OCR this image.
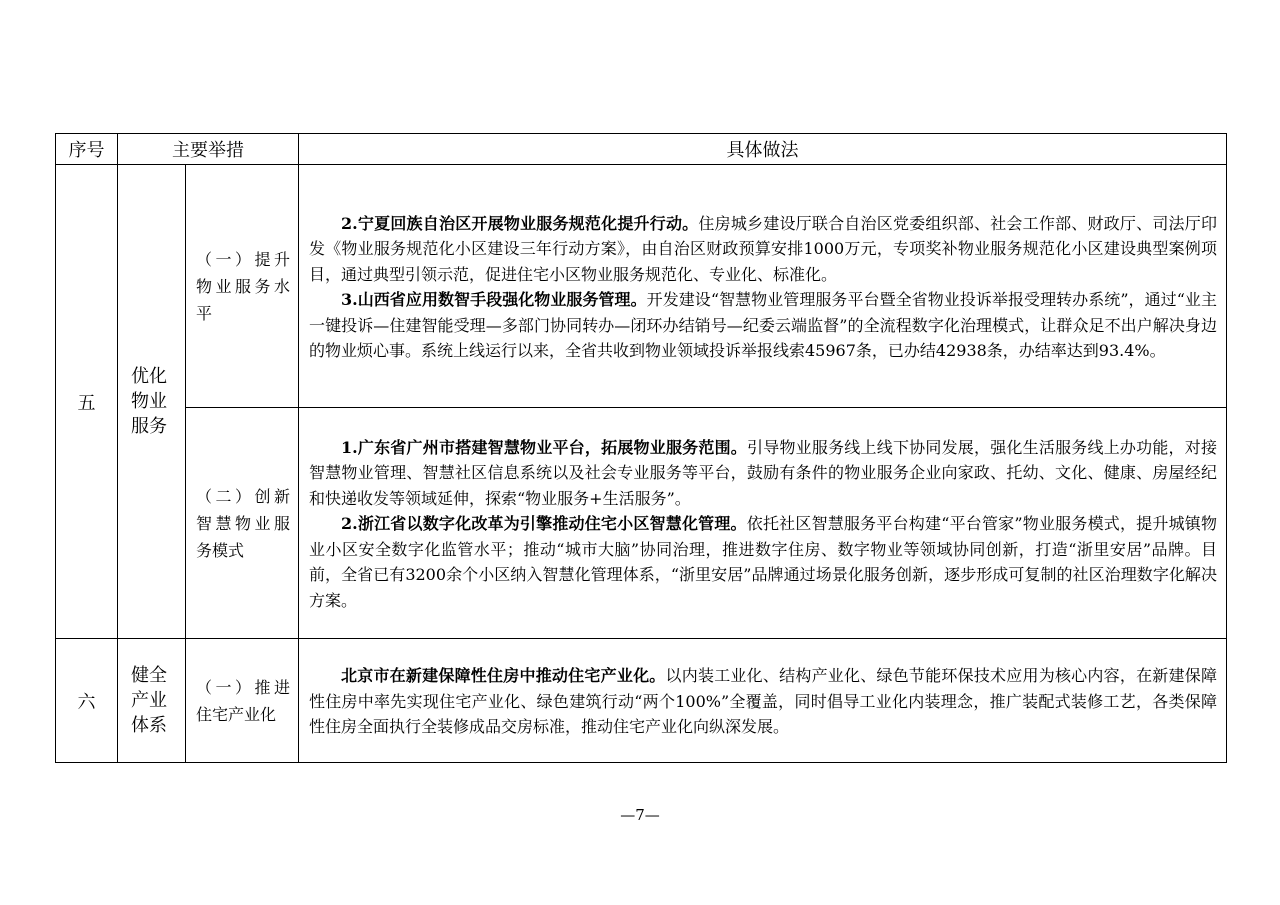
序号	主要举措		具体做法
五	优化物业服务	（一）提升物业服务水平	2.宁夏回族自治区开展物业服务规范化提升行动。住房城乡建设厅联合自治区党委组织部、社会工作部、财政厅、司法厅印发《物业服务规范化小区建设三年行动方案》，由自治区财政预算安排1000万元，专项奖补物业服务规范化小区建设典型案例项目，通过典型引领示范，促进住宅小区物业服务规范化、专业化、标准化。

3.山西省应用数智手段强化物业服务管理。开发建设“智慧物业管理服务平台暨全省物业投诉举报受理转办系统”，通过“业主一键投诉—住建智能受理—多部门协同转办—闭环办结销号—纪委云端监督”的全流程数字化治理模式，让群众足不出户解决身边的物业烦心事。系统上线运行以来，全省共收到物业领域投诉举报线索45967条，已办结42938条，办结率达到93.4%。

		（二）创新智慧物业服务模式	1.广东省广州市搭建智慧物业平台，拓展物业服务范围。引导物业服务线上线下协同发展，强化生活服务线上办功能，对接智慧物业管理、智慧社区信息系统以及社会专业服务等平台，鼓励有条件的物业服务企业向家政、托幼、文化、健康、房屋经纪和快递收发等领域延伸，探索“物业服务+生活服务”。

2.浙江省以数字化改革为引擎推动住宅小区智慧化管理。依托社区智慧服务平台构建“平台管家”物业服务模式，提升城镇物业小区安全数字化监管水平；推动“城市大脑”协同治理，推进数字住房、数字物业等领域协同创新，打造“浙里安居”品牌。目前，全省已有3200余个小区纳入智慧化管理体系，“浙里安居”品牌通过场景化服务创新，逐步形成可复制的社区治理数字化解决方案。

六	健全产业体系	（一）推进住宅产业化	北京市在新建保障性住房中推动住宅产业化。以内装工业化、结构产业化、绿色节能环保技术应用为核心内容，在新建保障性住房中率先实现住宅产业化、绿色建筑行动“两个100%”全覆盖，同时倡导工业化内装理念，推广装配式装修工艺，各类保障性住房全面执行全装修成品交房标准，推动住宅产业化向纵深发展。

—7—
